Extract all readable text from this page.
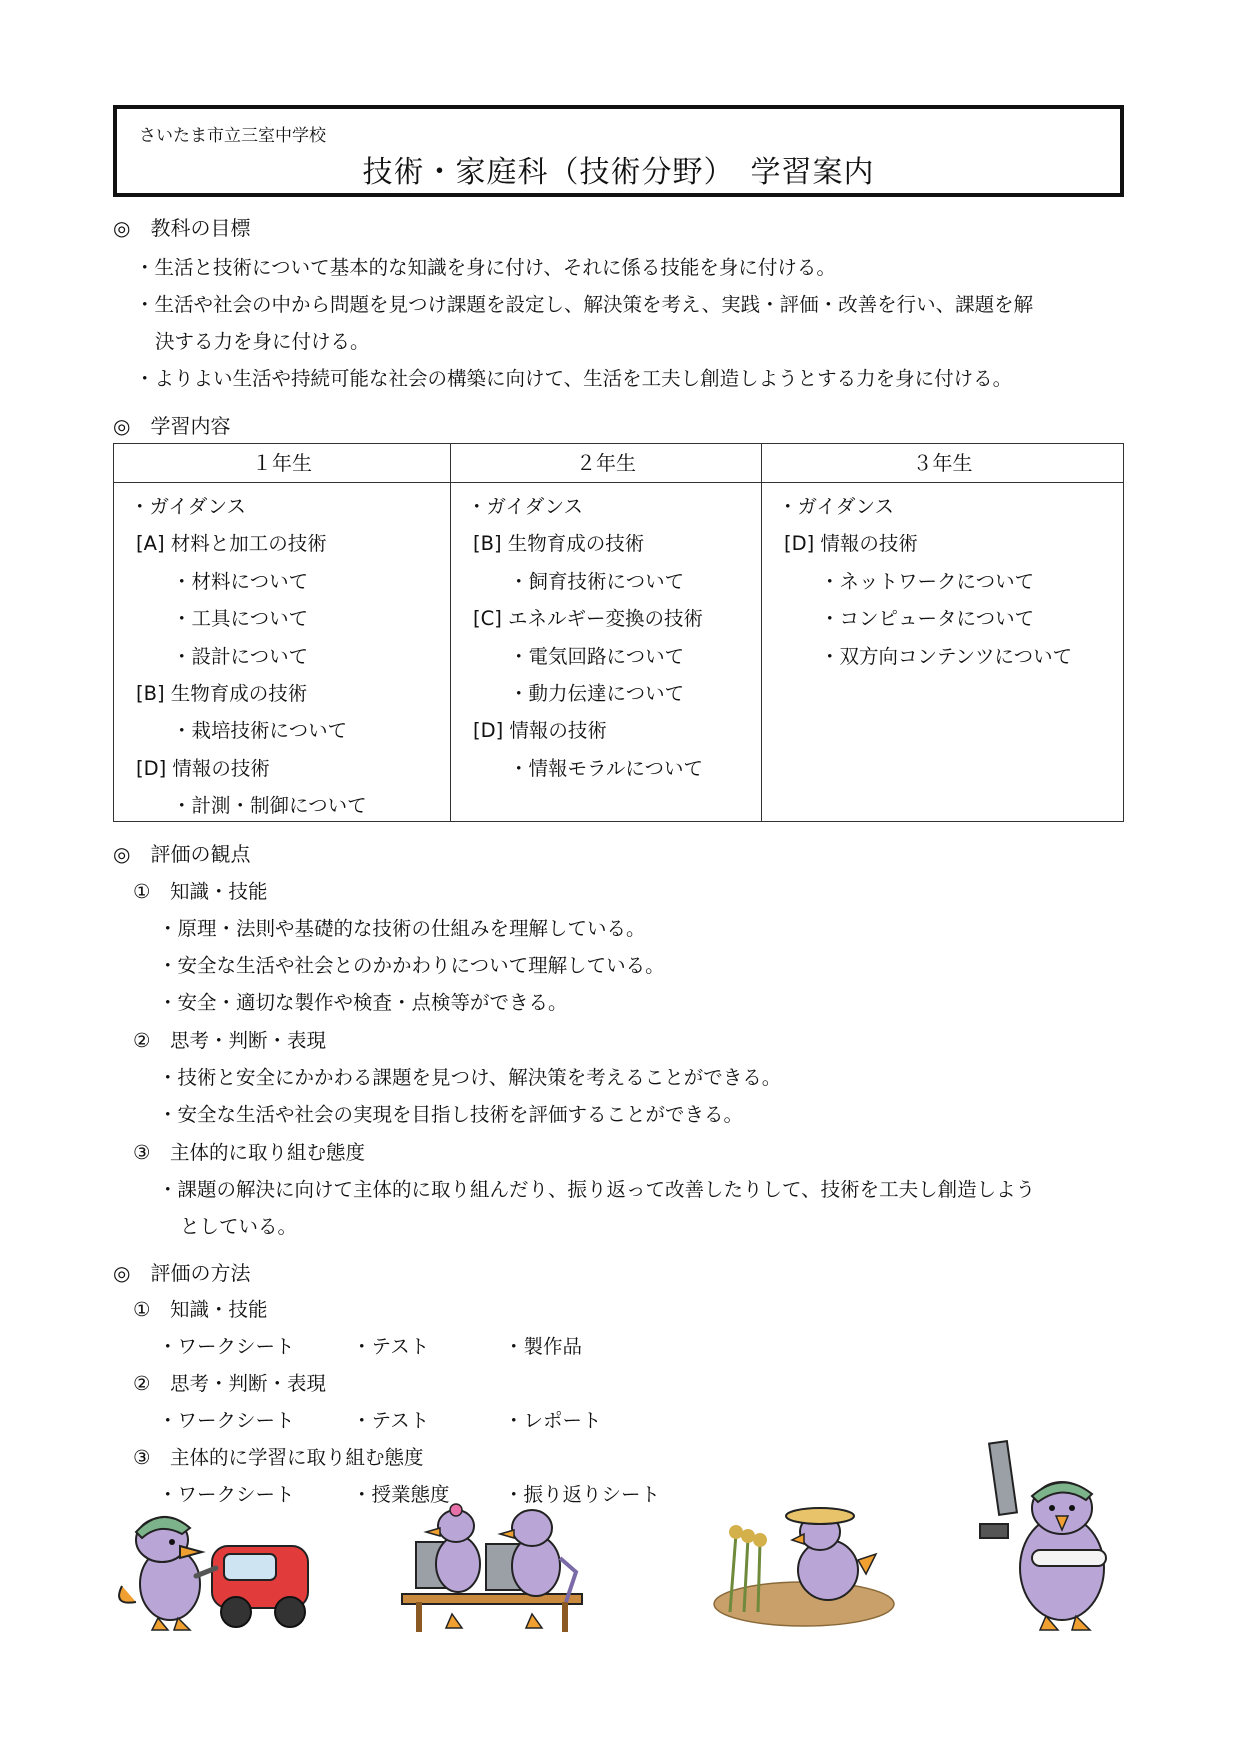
さいたま市立三室中学校
技術・家庭科（技術分野）　学習案内
◎　教科の目標
・生活と技術について基本的な知識を身に付け、それに係る技能を身に付ける。
・生活や社会の中から問題を見つけ課題を設定し、解決策を考え、実践・評価・改善を行い、課題を解
決する力を身に付ける。
・よりよい生活や持続可能な社会の構築に向けて、生活を工夫し創造しようとする力を身に付ける。
◎　学習内容
１年生
・ガイダンス
[A] 材料と加工の技術
・材料について
・工具について
・設計について
[B] 生物育成の技術
・栽培技術について
[D] 情報の技術
・計測・制御について
２年生
・ガイダンス
[B] 生物育成の技術
・飼育技術について
[C] エネルギー変換の技術
・電気回路について
・動力伝達について
[D] 情報の技術
・情報モラルについて
３年生
・ガイダンス
[D] 情報の技術
・ネットワークについて
・コンピュータについて
・双方向コンテンツについて
◎　評価の観点
①　知識・技能
・原理・法則や基礎的な技術の仕組みを理解している。
・安全な生活や社会とのかかわりについて理解している。
・安全・適切な製作や検査・点検等ができる。
②　思考・判断・表現
・技術と安全にかかわる課題を見つけ、解決策を考えることができる。
・安全な生活や社会の実現を目指し技術を評価することができる。
③　主体的に取り組む態度
・課題の解決に向けて主体的に取り組んだり、振り返って改善したりして、技術を工夫し創造しよう
としている。
◎　評価の方法
①　知識・技能
・ワークシート	・テスト	・製作品
②　思考・判断・表現
・ワークシート	・テスト	・レポート
③　主体的に学習に取り組む態度
・ワークシート	・授業態度	・振り返りシート
